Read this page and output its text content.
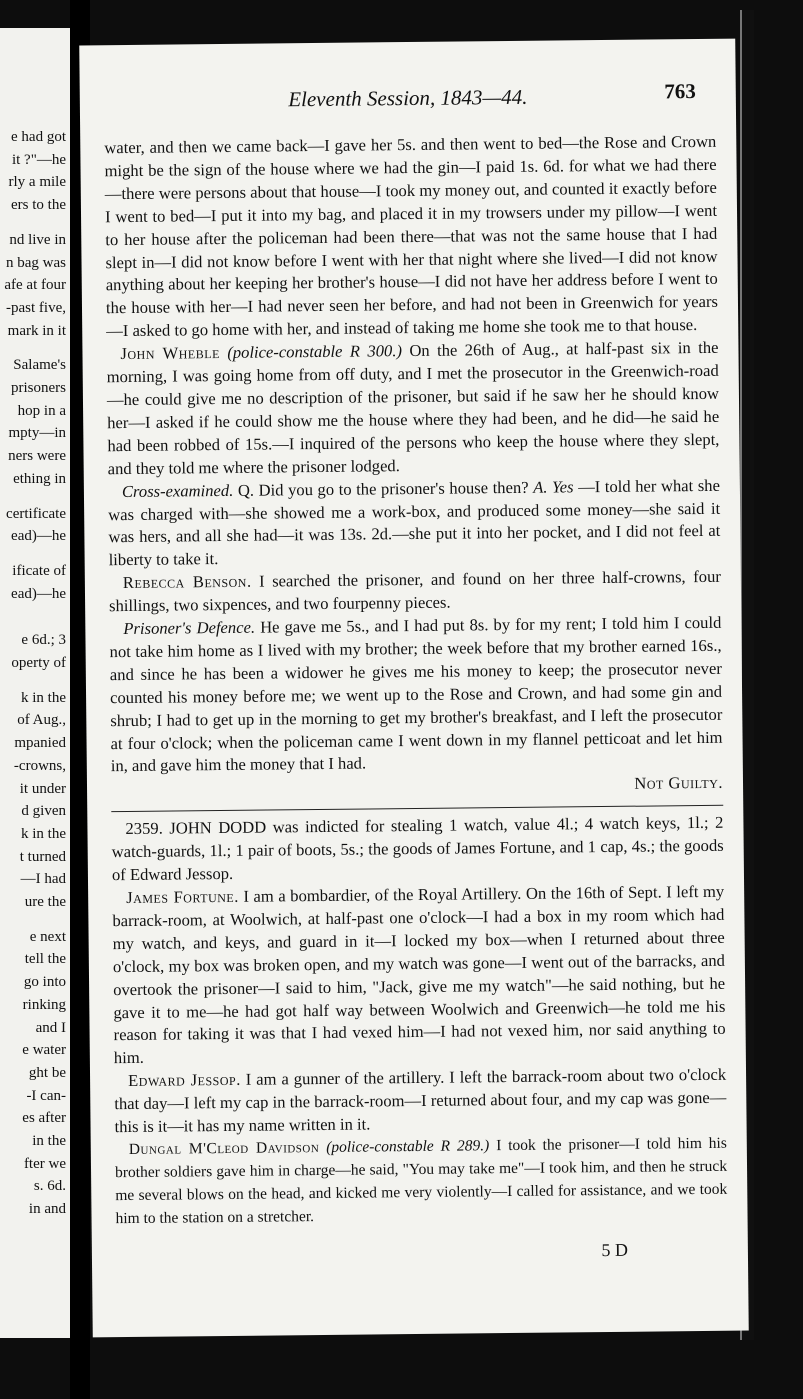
e had got
it ?"—he
rly a mile
ers to the
nd live in
n bag was
afe at four
-past five,
mark in it
Salame's
prisoners
hop in a
mpty—in
ners were
ething in
certificate
ead)—he
ificate of
ead)—he
e 6d.; 3
operty of
k in the
of Aug.,
mpanied
-crowns,
it under
d given
k in the
t turned
—I had
ure the
e next
tell the
go into
rinking
and I
e water
ght be
-I can-
es after
in the
fter we
s. 6d.
in and
Eleventh Session, 1843—44.	763

water, and then we came back—I gave her 5s. and then went to bed—the Rose and Crown might be the sign of the house where we had the gin—I paid 1s. 6d. for what we had there—there were persons about that house—I took my money out, and counted it exactly before I went to bed—I put it into my bag, and placed it in my trowsers under my pillow—I went to her house after the policeman had been there—that was not the same house that I had slept in—I did not know before I went with her that night where she lived—I did not know anything about her keeping her brother's house—I did not have her address before I went to the house with her—I had never seen her before, and had not been in Greenwich for years—I asked to go home with her, and instead of taking me home she took me to that house.

John Wheble (police-constable R 300.) On the 26th of Aug., at half-past six in the morning, I was going home from off duty, and I met the prosecutor in the Greenwich-road—he could give me no description of the prisoner, but said if he saw her he should know her—I asked if he could show me the house where they had been, and he did—he said he had been robbed of 15s.—I inquired of the persons who keep the house where they slept, and they told me where the prisoner lodged.

Cross-examined. Q. Did you go to the prisoner's house then? A. Yes —I told her what she was charged with—she showed me a work-box, and produced some money—she said it was hers, and all she had—it was 13s. 2d.—she put it into her pocket, and I did not feel at liberty to take it.

Rebecca Benson. I searched the prisoner, and found on her three half-crowns, four shillings, two sixpences, and two fourpenny pieces.

Prisoner's Defence. He gave me 5s., and I had put 8s. by for my rent; I told him I could not take him home as I lived with my brother; the week before that my brother earned 16s., and since he has been a widower he gives me his money to keep; the prosecutor never counted his money before me; we went up to the Rose and Crown, and had some gin and shrub; I had to get up in the morning to get my brother's breakfast, and I left the prosecutor at four o'clock; when the policeman came I went down in my flannel petticoat and let him in, and gave him the money that I had.

Not Guilty.

2359. JOHN DODD was indicted for stealing 1 watch, value 4l.; 4 watch keys, 1l.; 2 watch-guards, 1l.; 1 pair of boots, 5s.; the goods of James Fortune, and 1 cap, 4s.; the goods of Edward Jessop.

James Fortune. I am a bombardier, of the Royal Artillery. On the 16th of Sept. I left my barrack-room, at Woolwich, at half-past one o'clock—I had a box in my room which had my watch, and keys, and guard in it—I locked my box—when I returned about three o'clock, my box was broken open, and my watch was gone—I went out of the barracks, and overtook the prisoner—I said to him, "Jack, give me my watch"—he said nothing, but he gave it to me—he had got half way between Woolwich and Greenwich—he told me his reason for taking it was that I had vexed him—I had not vexed him, nor said anything to him.

Edward Jessop. I am a gunner of the artillery. I left the barrack-room about two o'clock that day—I left my cap in the barrack-room—I returned about four, and my cap was gone—this is it—it has my name written in it.

Dungal M'Cleod Davidson (police-constable R 289.) I took the prisoner—I told him his brother soldiers gave him in charge—he said, "You may take me"—I took him, and then he struck me several blows on the head, and kicked me very violently—I called for assistance, and we took him to the station on a stretcher.

5 D
